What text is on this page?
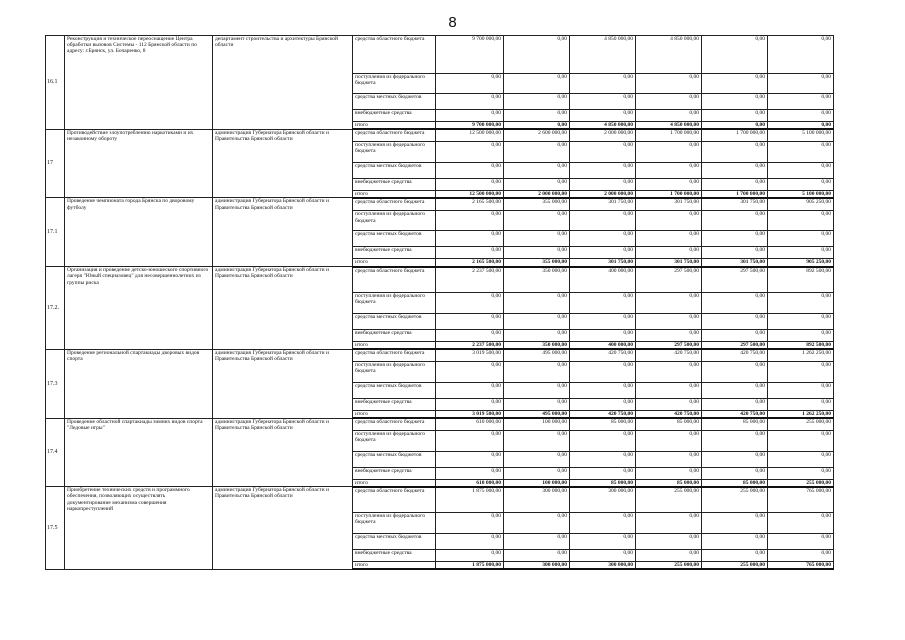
8
16.1	Реконструкция и техническое переоснащение Центра обработки вызовов Системы - 112 Брянской области по адресу: г.Брянск, ул. Бочаренко, 8	департамент строительства и архитектуры Брянской области	средства областного бюджета	9 700 000,00	0,00	4 850 000,00	4 850 000,00	0,00	0,00
			поступления из федерального бюджета	0,00	0,00	0,00	0,00	0,00	0,00
			средства местных бюджетов	0,00	0,00	0,00	0,00	0,00	0,00
			внебюджетные средства	0,00	0,00	0,00	0,00	0,00	0,00
			итого	9 700 000,00	0,00	4 850 000,00	4 850 000,00	0,00	0,00
17	Противодействие злоупотреблению наркотиками и их незаконному обороту	администрация Губернатора Брянской области и Правительства Брянской области	средства областного бюджета	12 500 000,00	2 600 000,00	2 000 000,00	1 700 000,00	1 700 000,00	5 100 000,00
			поступления из федерального бюджета	0,00	0,00	0,00	0,00	0,00	0,00
			средства местных бюджетов	0,00	0,00	0,00	0,00	0,00	0,00
			внебюджетные средства	0,00	0,00	0,00	0,00	0,00	0,00
			итого	12 500 000,00	2 000 000,00	2 000 000,00	1 700 000,00	1 700 000,00	5 100 000,00
17.1	Проведение чемпионата города Брянска по дворовому футболу	администрация Губернатора Брянской области и Правительства Брянской области	средства областного бюджета	2 165 500,00	355 000,00	301 750,00	301 750,00	301 750,00	905 250,00
			поступления из федерального бюджета	0,00	0,00	0,00	0,00	0,00	0,00
			средства местных бюджетов	0,00	0,00	0,00	0,00	0,00	0,00
			внебюджетные средства	0,00	0,00	0,00	0,00	0,00	0,00
			итого	2 165 500,00	355 000,00	301 750,00	301 750,00	301 750,00	905 250,00
17.2.	Организация и проведение детско-юношеского спортивного лагеря "Юный спецназовец" для несовершеннолетних из группы риска	администрация Губернатора Брянской области и Правительства Брянской области	средства областного бюджета	2 237 500,00	350 000,00	400 000,00	297 500,00	297 500,00	892 500,00
			поступления из федерального бюджета	0,00	0,00	0,00	0,00	0,00	0,00
			средства местных бюджетов	0,00	0,00	0,00	0,00	0,00	0,00
			внебюджетные средства	0,00	0,00	0,00	0,00	0,00	0,00
			итого	2 237 500,00	350 000,00	400 000,00	297 500,00	297 500,00	892 500,00
17.3	Проведение региональной спартакиады дворовых видов спорта	администрация Губернатора Брянской области и Правительства Брянской области	средства областного бюджета	3 019 500,00	495 000,00	420 750,00	420 750,00	420 750,00	1 262 250,00
			поступления из федерального бюджета	0,00	0,00	0,00	0,00	0,00	0,00
			средства местных бюджетов	0,00	0,00	0,00	0,00	0,00	0,00
			внебюджетные средства	0,00	0,00	0,00	0,00	0,00	0,00
			итого	3 019 500,00	495 000,00	420 750,00	420 750,00	420 750,00	1 262 250,00
17.4	Проведение областной спартакиады зимних видов спорта "Ледовые игры"	администрация Губернатора Брянской области и Правительства Брянской области	средства областного бюджета	610 000,00	100 000,00	85 000,00	85 000,00	85 000,00	255 000,00
			поступления из федерального бюджета	0,00	0,00	0,00	0,00	0,00	0,00
			средства местных бюджетов	0,00	0,00	0,00	0,00	0,00	0,00
			внебюджетные средства	0,00	0,00	0,00	0,00	0,00	0,00
			итого	610 000,00	100 000,00	85 000,00	85 000,00	85 000,00	255 000,00
17.5	Приобретение технических средств и программного обеспечения, позволяющих осуществлять документирование механизма совершения наркопреступлений	администрация Губернатора Брянской области и Правительства Брянской области	средства областного бюджета	1 875 000,00	300 000,00	300 000,00	255 000,00	255 000,00	765 000,00
			поступления из федерального бюджета	0,00	0,00	0,00	0,00	0,00	0,00
			средства местных бюджетов	0,00	0,00	0,00	0,00	0,00	0,00
			внебюджетные средства	0,00	0,00	0,00	0,00	0,00	0,00
			итого	1 875 000,00	300 000,00	300 000,00	255 000,00	255 000,00	765 000,00
